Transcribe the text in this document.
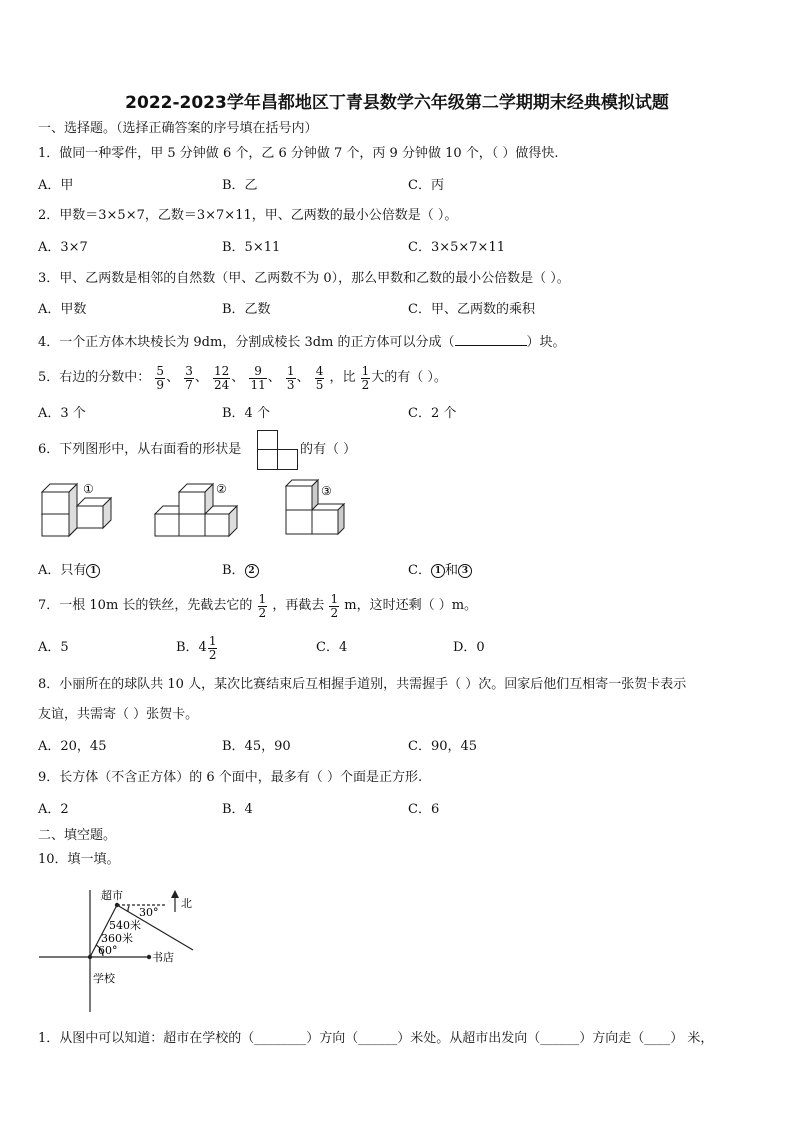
2022-2023学年昌都地区丁青县数学六年级第二学期期末经典模拟试题
一、选择题。（选择正确答案的序号填在括号内）
1．做同一种零件，甲 5 分钟做 6 个，乙 6 分钟做 7 个，丙 9 分钟做 10 个，（ ）做得快.
A．甲	B．乙	C．丙
2．甲数＝3×5×7，乙数＝3×7×11，甲、乙两数的最小公倍数是（ ）。
A．3×7	B．5×11	C．3×5×7×11
3．甲、乙两数是相邻的自然数（甲、乙两数不为 0），那么甲数和乙数的最小公倍数是（ ）。
A．甲数	B．乙数	C．甲、乙两数的乘积
4．一个正方体木块棱长为 9dm，分割成棱长 3dm 的正方体可以分成（	）块。
5．右边的分数中： $\frac{5}{9}$ 、 $\frac{3}{7}$ 、 $\frac{12}{24}$ 、 $\frac{9}{11}$ 、 $\frac{1}{3}$ 、 $\frac{4}{5}$ ，比 $\frac{1}{2}$ 大的有（ ）。
A．3 个	B．4 个	C．2 个
6．下列图形中，从右面看的形状是	的有（ ）
①	②	③
A．只有 1	B． 2	C． 1 和 3
7．一根 10m 长的铁丝，先截去它的 $\frac{1}{2}$ ，再截去 $\frac{1}{2}$ m，这时还剩（ ）m。
A．5	B．$4 \frac{1}{2}$	C．4	D．0
8．小丽所在的球队共 10 人，某次比赛结束后互相握手道别，共需握手（ ）次。回家后他们互相寄一张贺卡表示
友谊，共需寄（ ）张贺卡。
A．20，45	B．45，90	C．90，45
9．长方体（不含正方体）的 6 个面中，最多有（ ）个面是正方形.
A．2	B．4	C．6
二、填空题。
10．填一填。
超市
北
30°
540米
360米
60°
学校
书店
1．从图中可以知道：超市在学校的（________）方向（______）米处。从超市出发向（______）方向走（____） 米，
